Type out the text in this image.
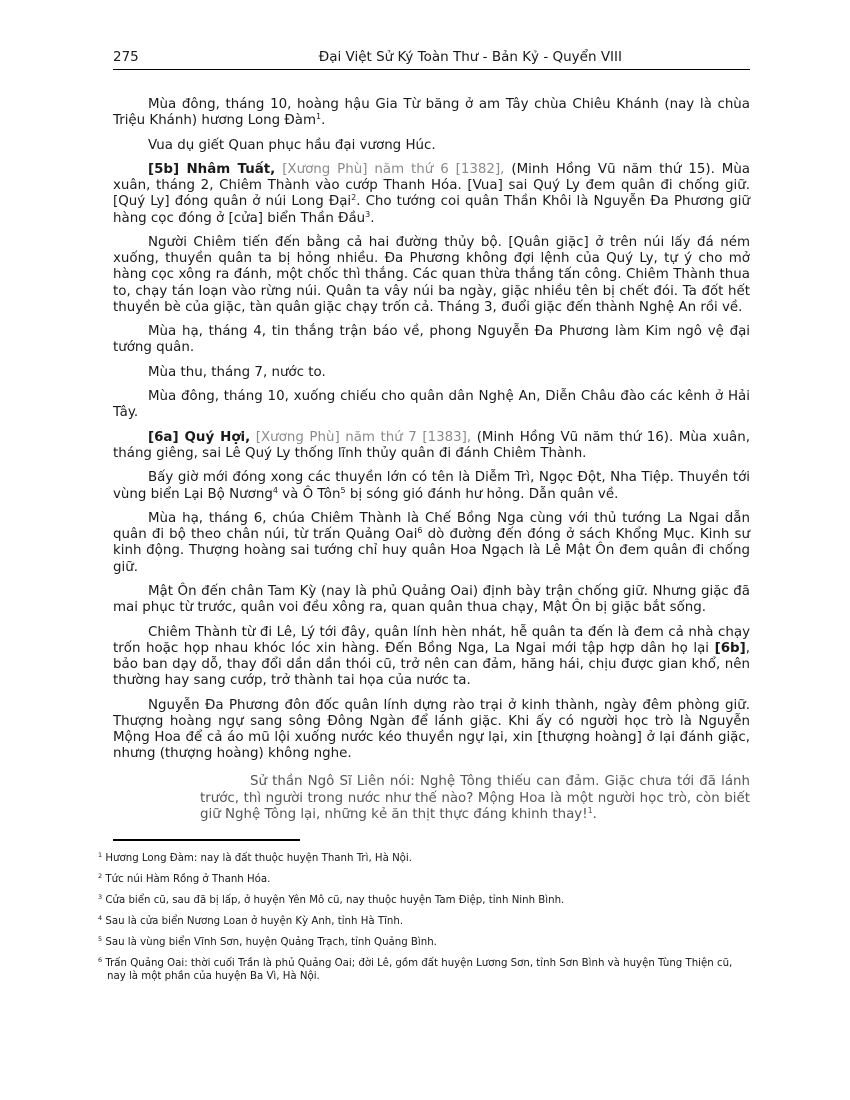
275	Đại Việt Sử Ký Toàn Thư - Bản Kỷ - Quyển VIII

Mùa đông, tháng 10, hoàng hậu Gia Từ băng ở am Tây chùa Chiêu Khánh (nay là chùa Triệu Khánh) hương Long Đàm$^1$.

Vua dụ giết Quan phục hầu đại vương Húc.

[5b] Nhâm Tuất, [Xương Phù] năm thứ 6 [1382], (Minh Hồng Vũ năm thứ 15). Mùa xuân, tháng 2, Chiêm Thành vào cướp Thanh Hóa. [Vua] sai Quý Ly đem quân đi chống giữ. [Quý Ly] đóng quân ở núi Long Đại$^2$. Cho tướng coi quân Thần Khôi là Nguyễn Đa Phương giữ hàng cọc đóng ở [cửa] biển Thần Đầu$^3$.

Người Chiêm tiến đến bằng cả hai đường thủy bộ. [Quân giặc] ở trên núi lấy đá ném xuống, thuyền quân ta bị hỏng nhiều. Đa Phương không đợi lệnh của Quý Ly, tự ý cho mở hàng cọc xông ra đánh, một chốc thì thắng. Các quan thừa thắng tấn công. Chiêm Thành thua to, chạy tán loạn vào rừng núi. Quân ta vây núi ba ngày, giặc nhiều tên bị chết đói. Ta đốt hết thuyền bè của giặc, tàn quân giặc chạy trốn cả. Tháng 3, đuổi giặc đến thành Nghệ An rồi về.

Mùa hạ, tháng 4, tin thắng trận báo về, phong Nguyễn Đa Phương làm Kim ngô vệ đại tướng quân.

Mùa thu, tháng 7, nước to.

Mùa đông, tháng 10, xuống chiếu cho quân dân Nghệ An, Diễn Châu đào các kênh ở Hải Tây.

[6a] Quý Hợi, [Xương Phù] năm thứ 7 [1383], (Minh Hồng Vũ năm thứ 16). Mùa xuân, tháng giêng, sai Lê Quý Ly thống lĩnh thủy quân đi đánh Chiêm Thành.

Bấy giờ mới đóng xong các thuyền lớn có tên là Diễm Trì, Ngọc Đột, Nha Tiệp. Thuyền tới vùng biển Lại Bộ Nương$^4$ và Ô Tôn$^5$ bị sóng gió đánh hư hỏng. Dẫn quân về.

Mùa hạ, tháng 6, chúa Chiêm Thành là Chế Bồng Nga cùng với thủ tướng La Ngai dẫn quân đi bộ theo chân núi, từ trấn Quảng Oai$^6$ dò đường đến đóng ở sách Khổng Mục. Kinh sư kinh động. Thượng hoàng sai tướng chỉ huy quân Hoa Ngạch là Lê Mật Ôn đem quân đi chống giữ.

Mật Ôn đến chân Tam Kỳ (nay là phủ Quảng Oai) định bày trận chống giữ. Nhưng giặc đã mai phục từ trước, quân voi đều xông ra, quan quân thua chạy, Mật Ôn bị giặc bắt sống.

Chiêm Thành từ đi Lê, Lý tới đây, quân lính hèn nhát, hễ quân ta đến là đem cả nhà chạy trốn hoặc họp nhau khóc lóc xin hàng. Đến Bồng Nga, La Ngai mới tập hợp dân họ lại [6b], bảo ban dạy dỗ, thay đổi dần dần thói cũ, trở nên can đảm, hăng hái, chịu được gian khổ, nên thường hay sang cướp, trở thành tai họa của nước ta.

Nguyễn Đa Phương đôn đốc quân lính dựng rào trại ở kinh thành, ngày đêm phòng giữ. Thượng hoàng ngự sang sông Đông Ngàn để lánh giặc. Khi ấy có người học trò là Nguyễn Mộng Hoa để cả áo mũ lội xuống nước kéo thuyền ngự lại, xin [thượng hoàng] ở lại đánh giặc, nhưng (thượng hoàng) không nghe.

Sử thần Ngô Sĩ Liên nói: Nghệ Tông thiếu can đảm. Giặc chưa tới đã lánh trước, thì người trong nước như thế nào? Mộng Hoa là một người học trò, còn biết giữ Nghệ Tông lại, những kẻ ăn thịt thực đáng khinh thay!$^1$.

$^1$ Hương Long Đàm: nay là đất thuộc huyện Thanh Trì, Hà Nội.
$^2$ Tức núi Hàm Rồng ở Thanh Hóa.
$^3$ Cửa biển cũ, sau đã bị lấp, ở huyện Yên Mô cũ, nay thuộc huyện Tam Điệp, tỉnh Ninh Bình.
$^4$ Sau là cửa biển Nương Loan ở huyện Kỳ Anh, tỉnh Hà Tĩnh.
$^5$ Sau là vùng biển Vĩnh Sơn, huyện Quảng Trạch, tỉnh Quảng Bình.
$^6$ Trấn Quảng Oai: thời cuối Trần là phủ Quảng Oai; đời Lê, gồm đất huyện Lương Sơn, tỉnh Sơn Bình và huyện Tùng Thiện cũ, nay là một phần của huyện Ba Vì, Hà Nội.
